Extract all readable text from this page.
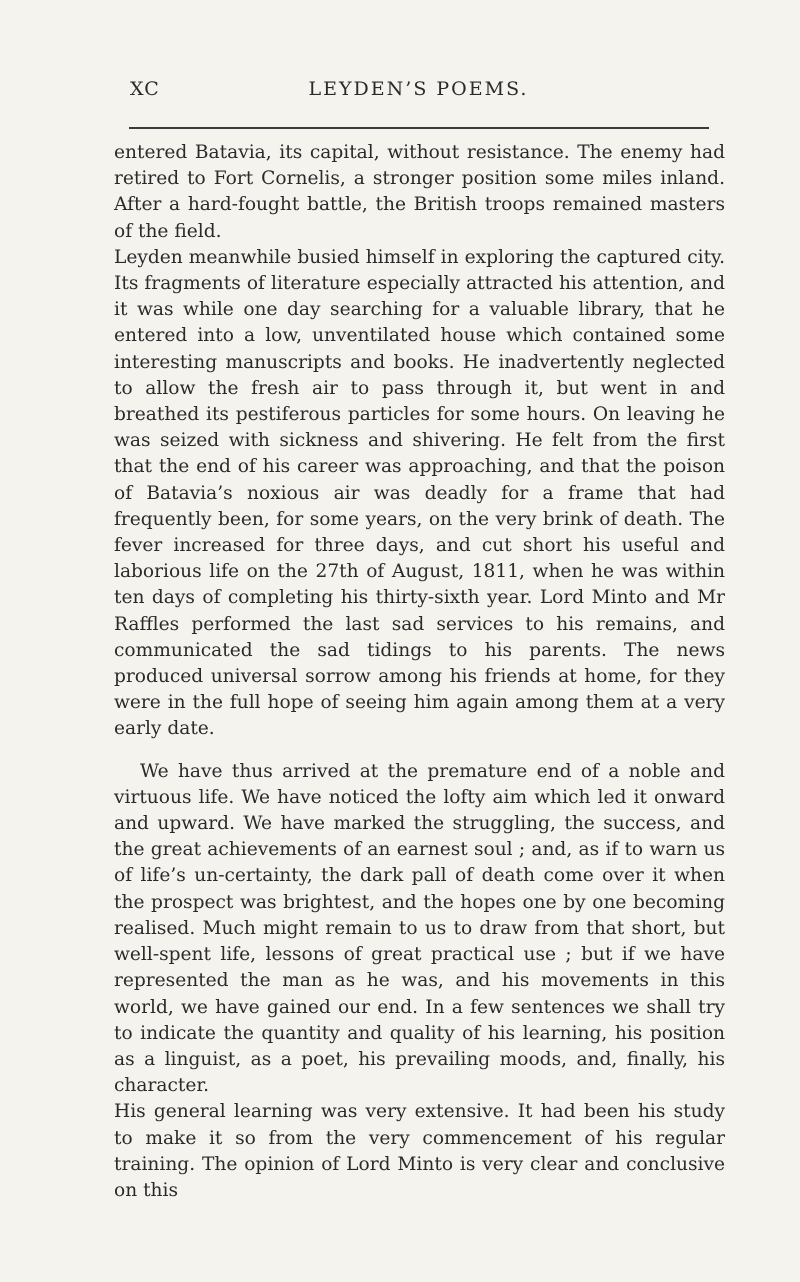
XC	LEYDEN’S POEMS.

entered Batavia, its capital, without resistance. The enemy had retired to Fort Cornelis, a stronger position some miles inland. After a hard-fought battle, the British troops remained masters of the field.

Leyden meanwhile busied himself in exploring the captured city. Its fragments of literature especially attracted his attention, and it was while one day searching for a valuable library, that he entered into a low, unventilated house which contained some interesting manuscripts and books. He inadvertently neglected to allow the fresh air to pass through it, but went in and breathed its pestiferous particles for some hours. On leaving he was seized with sickness and shivering. He felt from the first that the end of his career was approaching, and that the poison of Batavia’s noxious air was deadly for a frame that had frequently been, for some years, on the very brink of death. The fever increased for three days, and cut short his useful and laborious life on the 27th of August, 1811, when he was within ten days of completing his thirty-sixth year. Lord Minto and Mr Raffles performed the last sad services to his remains, and communicated the sad tidings to his parents. The news produced universal sorrow among his friends at home, for they were in the full hope of seeing him again among them at a very early date.

We have thus arrived at the premature end of a noble and virtuous life. We have noticed the lofty aim which led it onward and upward. We have marked the struggling, the success, and the great achievements of an earnest soul ; and, as if to warn us of life’s un-certainty, the dark pall of death come over it when the prospect was brightest, and the hopes one by one becoming realised. Much might remain to us to draw from that short, but well-spent life, lessons of great practical use ; but if we have represented the man as he was, and his movements in this world, we have gained our end. In a few sentences we shall try to indicate the quantity and quality of his learning, his position as a linguist, as a poet, his prevailing moods, and, finally, his character.

His general learning was very extensive. It had been his study to make it so from the very commencement of his regular training. The opinion of Lord Minto is very clear and conclusive on this
